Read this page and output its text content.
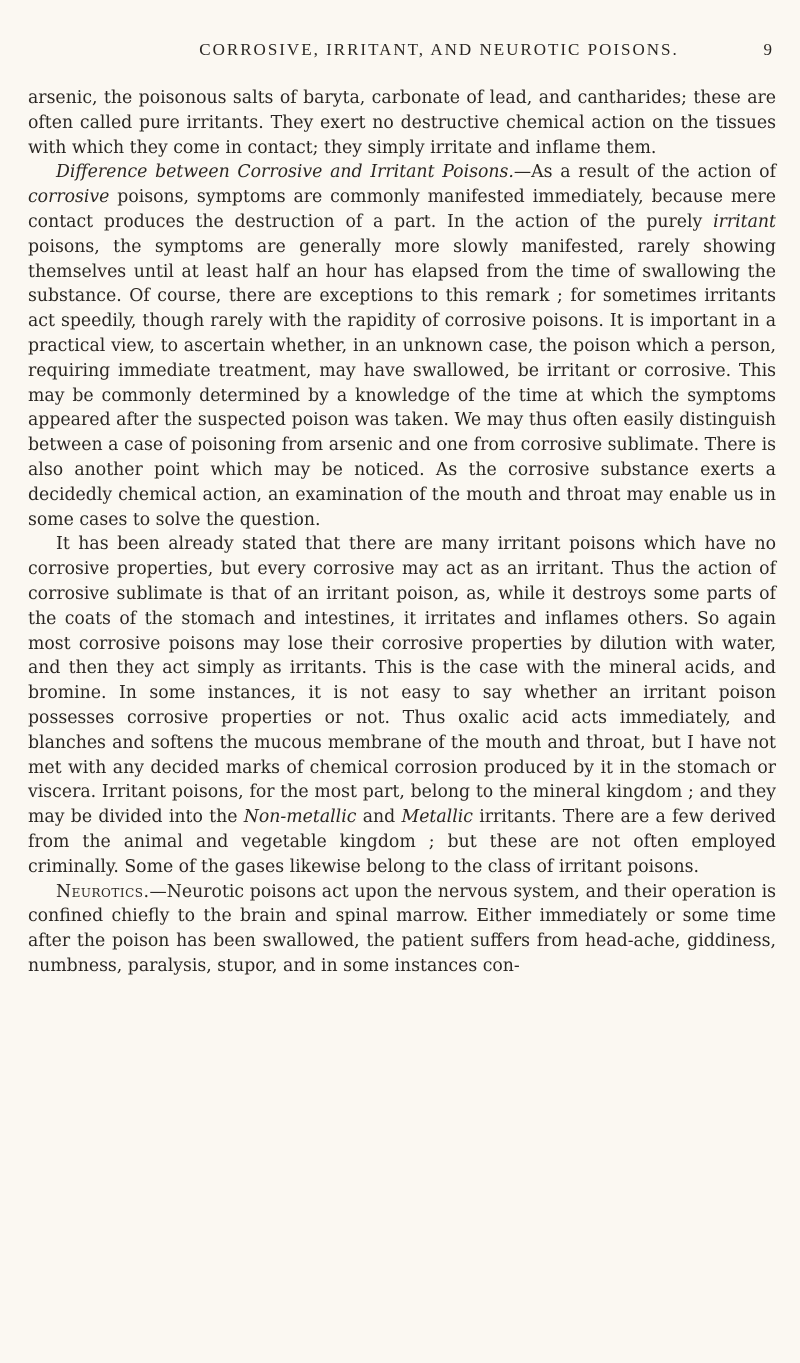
CORROSIVE, IRRITANT, AND NEUROTIC POISONS.	9

arsenic, the poisonous salts of baryta, carbonate of lead, and cantharides; these are often called pure irritants. They exert no destructive chemical action on the tissues with which they come in contact; they simply irritate and inflame them.

Difference between Corrosive and Irritant Poisons.—As a result of the action of corrosive poisons, symptoms are commonly manifested immediately, because mere contact produces the destruction of a part. In the action of the purely irritant poisons, the symptoms are generally more slowly manifested, rarely showing themselves until at least half an hour has elapsed from the time of swallowing the substance. Of course, there are exceptions to this remark ; for sometimes irritants act speedily, though rarely with the rapidity of corrosive poisons. It is important in a practical view, to ascertain whether, in an unknown case, the poison which a person, requiring immediate treatment, may have swallowed, be irritant or corrosive. This may be commonly determined by a knowledge of the time at which the symptoms appeared after the suspected poison was taken. We may thus often easily distinguish between a case of poisoning from arsenic and one from corrosive sublimate. There is also another point which may be noticed. As the corrosive substance exerts a decidedly chemical action, an examination of the mouth and throat may enable us in some cases to solve the question.

It has been already stated that there are many irritant poisons which have no corrosive properties, but every corrosive may act as an irritant. Thus the action of corrosive sublimate is that of an irritant poison, as, while it destroys some parts of the coats of the stomach and intestines, it irritates and inflames others. So again most corrosive poisons may lose their corrosive properties by dilution with water, and then they act simply as irritants. This is the case with the mineral acids, and bromine. In some instances, it is not easy to say whether an irritant poison possesses corrosive properties or not. Thus oxalic acid acts immediately, and blanches and softens the mucous membrane of the mouth and throat, but I have not met with any decided marks of chemical corrosion produced by it in the stomach or viscera. Irritant poisons, for the most part, belong to the mineral kingdom ; and they may be divided into the Non-metallic and Metallic irritants. There are a few derived from the animal and vegetable kingdom ; but these are not often employed criminally. Some of the gases likewise belong to the class of irritant poisons.

Neurotics.—Neurotic poisons act upon the nervous system, and their operation is confined chiefly to the brain and spinal marrow. Either immediately or some time after the poison has been swallowed, the patient suffers from head-ache, giddiness, numbness, paralysis, stupor, and in some instances con-
